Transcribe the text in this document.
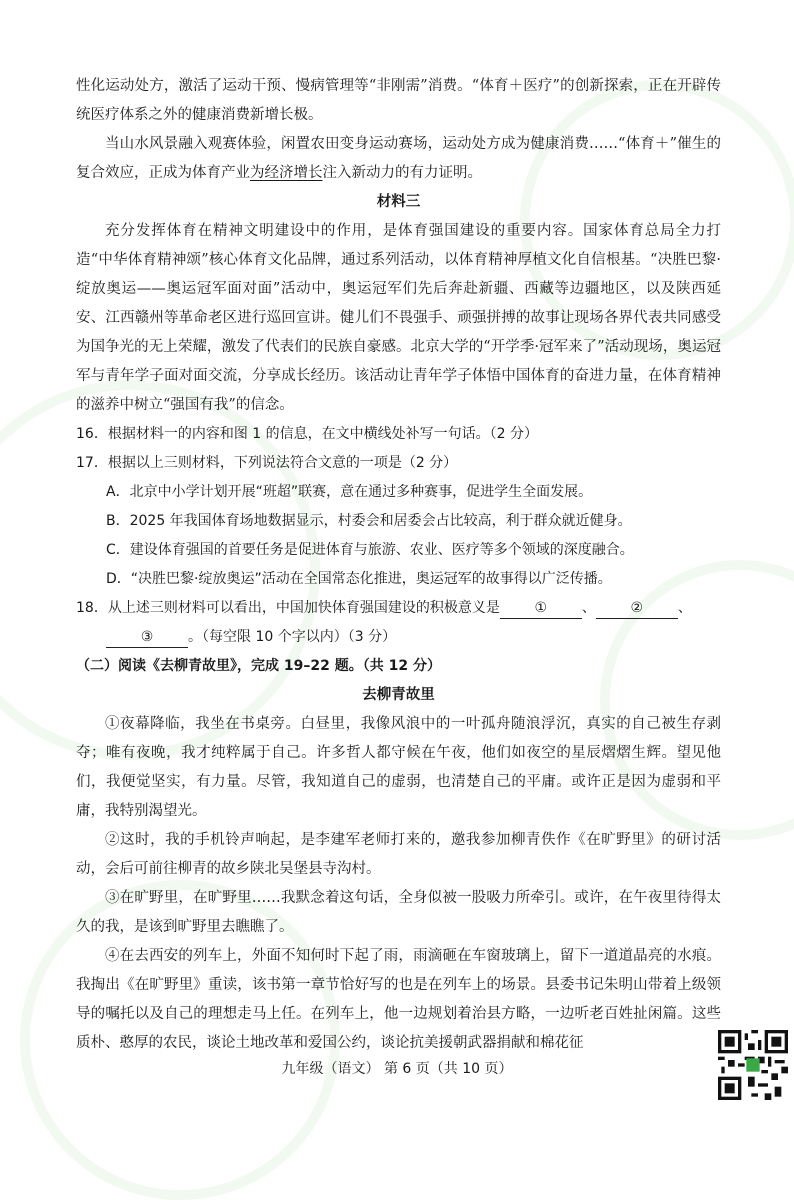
性化运动处方，激活了运动干预、慢病管理等“非刚需”消费。“体育＋医疗”的创新探索，正在开辟传统医疗体系之外的健康消费新增长极。

当山水风景融入观赛体验，闲置农田变身运动赛场，运动处方成为健康消费……“体育＋”催生的复合效应，正成为体育产业为经济增长注入新动力的有力证明。

材料三

充分发挥体育在精神文明建设中的作用，是体育强国建设的重要内容。国家体育总局全力打造“中华体育精神颂”核心体育文化品牌，通过系列活动，以体育精神厚植文化自信根基。“决胜巴黎·绽放奥运——奥运冠军面对面”活动中，奥运冠军们先后奔赴新疆、西藏等边疆地区，以及陕西延安、江西赣州等革命老区进行巡回宣讲。健儿们不畏强手、顽强拼搏的故事让现场各界代表共同感受为国争光的无上荣耀，激发了代表们的民族自豪感。北京大学的“开学季·冠军来了”活动现场，奥运冠军与青年学子面对面交流，分享成长经历。该活动让青年学子体悟中国体育的奋进力量，在体育精神的滋养中树立“强国有我”的信念。

16．根据材料一的内容和图 1 的信息，在文中横线处补写一句话。（2 分）

17．根据以上三则材料，下列说法符合文意的一项是（2 分）

A．北京中小学计划开展“班超”联赛，意在通过多种赛事，促进学生全面发展。

B．2025 年我国体育场地数据显示，村委会和居委会占比较高，利于群众就近健身。

C．建设体育强国的首要任务是促进体育与旅游、农业、医疗等多个领域的深度融合。

D．“决胜巴黎·绽放奥运”活动在全国常态化推进，奥运冠军的故事得以广泛传播。

18．从上述三则材料可以看出，中国加快体育强国建设的积极意义是 ① 、 ② 、

③ 。（每空限 10 个字以内）（3 分）

（二）阅读《去柳青故里》，完成 19–22 题。（共 12 分）

去柳青故里

①夜幕降临，我坐在书桌旁。白昼里，我像风浪中的一叶孤舟随浪浮沉，真实的自己被生存剥夺；唯有夜晚，我才纯粹属于自己。许多哲人都守候在午夜，他们如夜空的星辰熠熠生辉。望见他们，我便觉坚实，有力量。尽管，我知道自己的虚弱，也清楚自己的平庸。或许正是因为虚弱和平庸，我特别渴望光。

②这时，我的手机铃声响起，是李建军老师打来的，邀我参加柳青佚作《在旷野里》的研讨活动，会后可前往柳青的故乡陕北吴堡县寺沟村。

③在旷野里，在旷野里……我默念着这句话，全身似被一股吸力所牵引。或许，在午夜里待得太久的我，是该到旷野里去瞧瞧了。

④在去西安的列车上，外面不知何时下起了雨，雨滴砸在车窗玻璃上，留下一道道晶亮的水痕。我掏出《在旷野里》重读，该书第一章节恰好写的也是在列车上的场景。县委书记朱明山带着上级领导的嘱托以及自己的理想走马上任。在列车上，他一边规划着治县方略，一边听老百姓扯闲篇。这些质朴、憨厚的农民，谈论土地改革和爱国公约，谈论抗美援朝武器捐献和棉花征

九年级（语文） 第 6 页（共 10 页）
